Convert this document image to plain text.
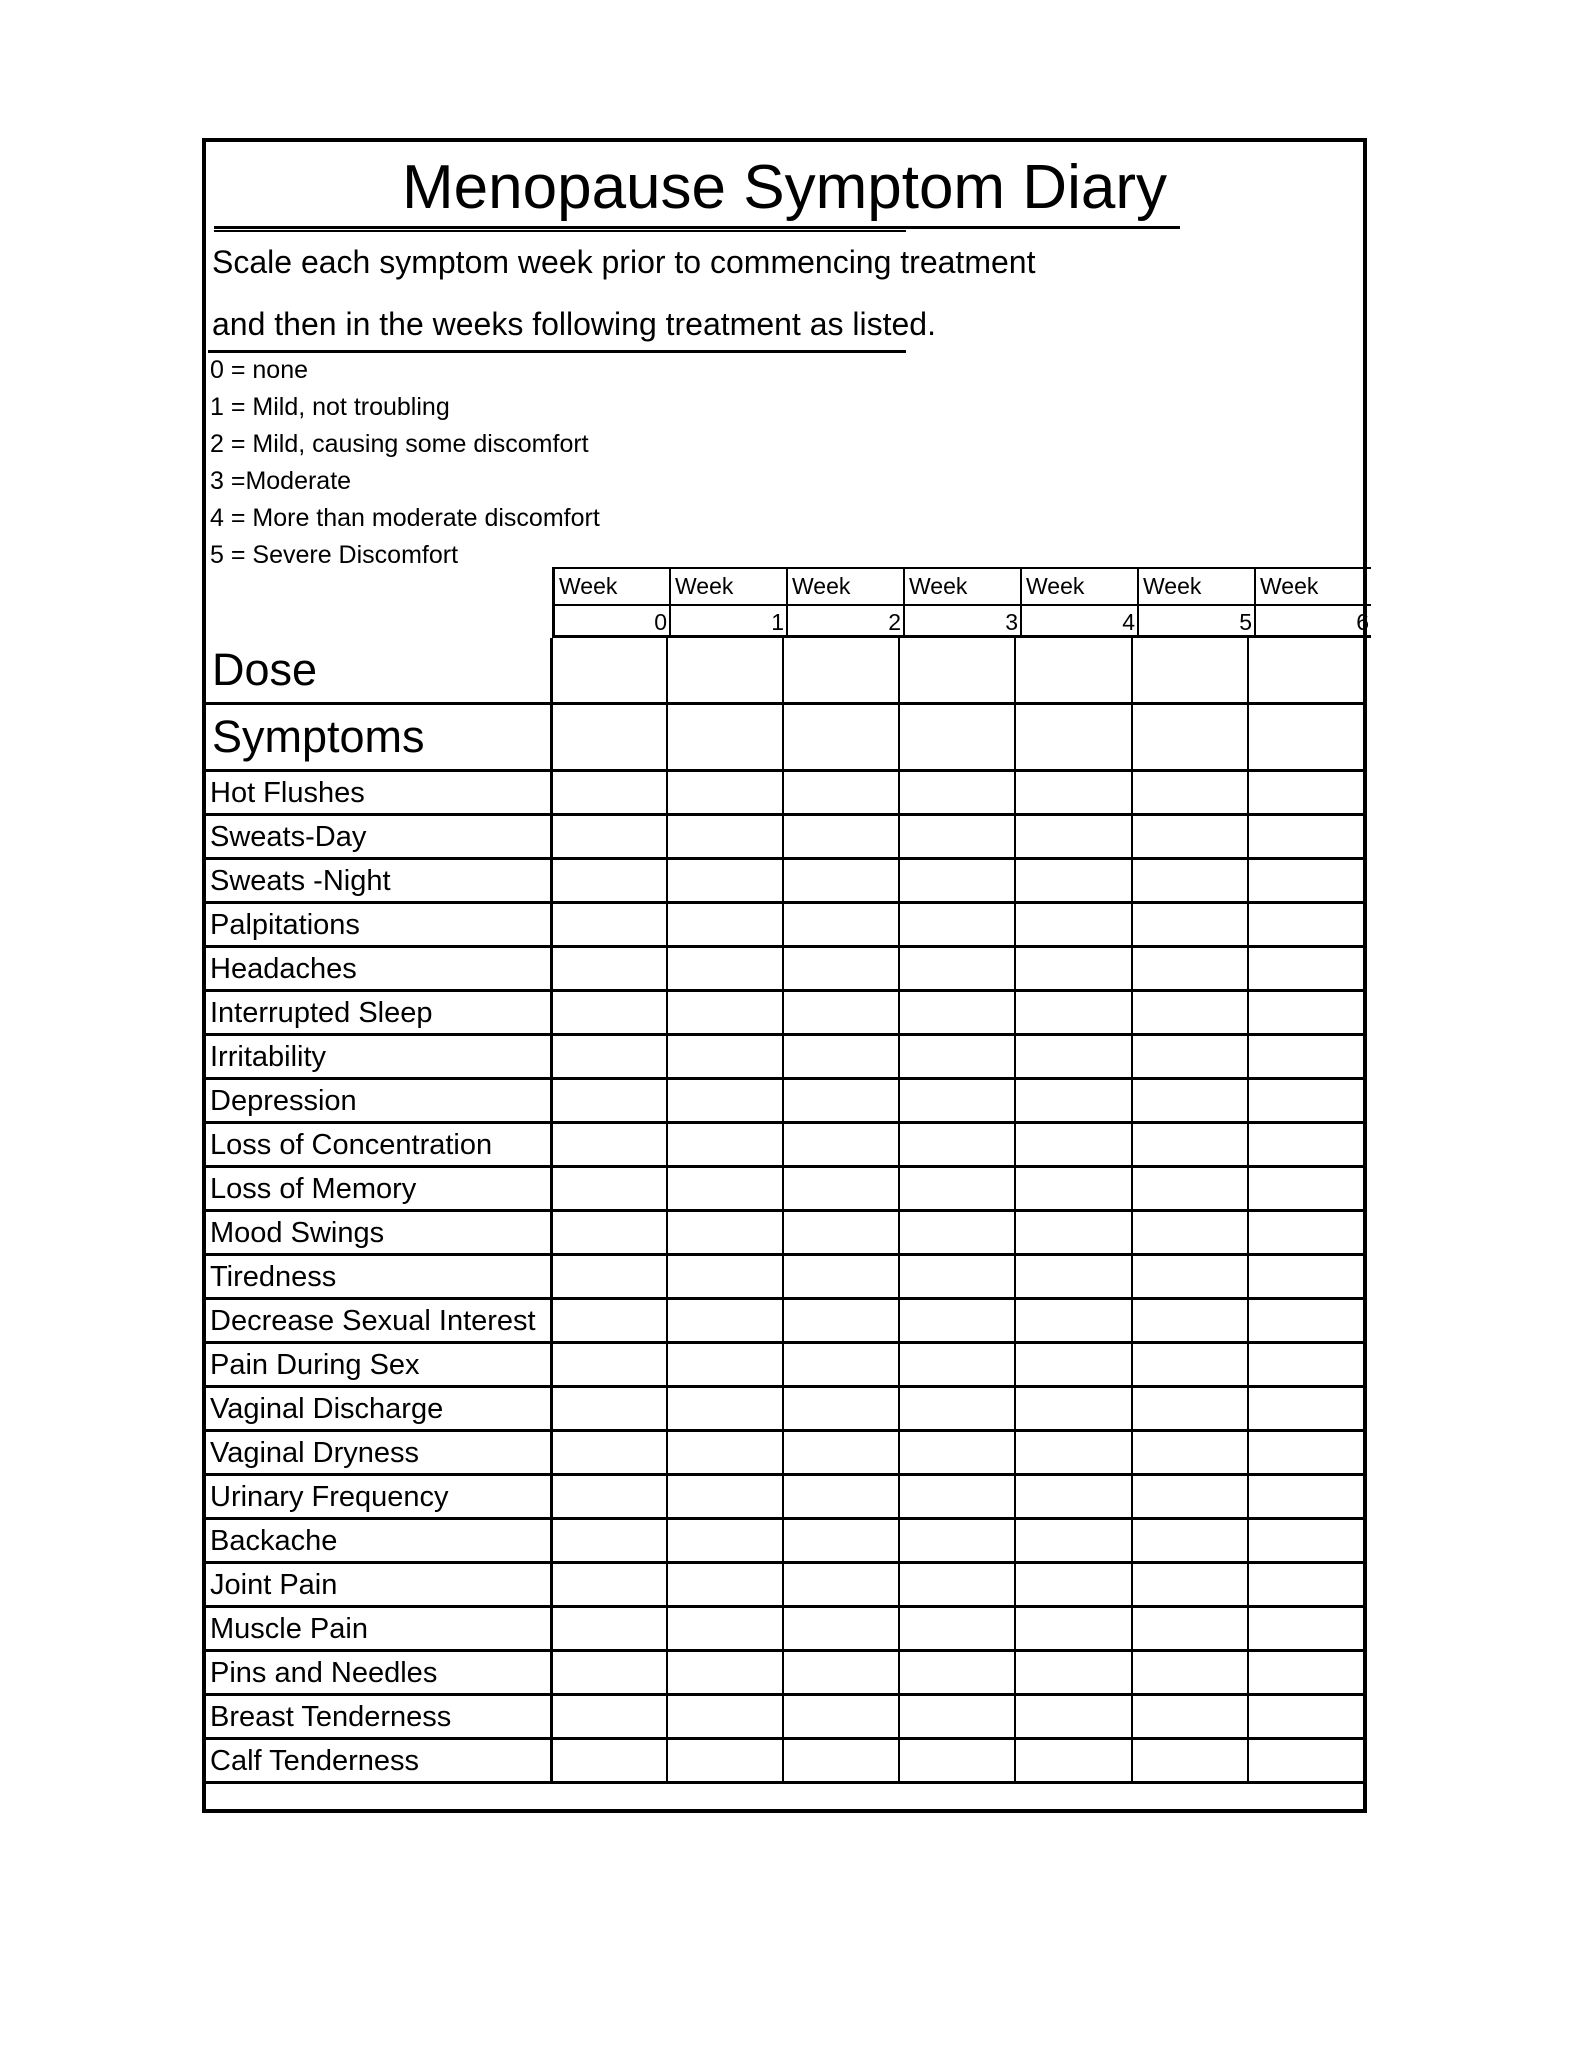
Menopause Symptom Diary
Scale each symptom week prior to commencing treatment
and then in the weeks following treatment as listed.
0 = none
1 = Mild, not troubling
2 = Mild, causing some discomfort
3 =Moderate
4 = More than moderate discomfort
5 = Severe Discomfort
Week
0
Week
1
Week
2
Week
3
Week
4
Week
5
Week
6
Dose
Symptoms
Hot Flushes
Sweats-Day
Sweats -Night
Palpitations
Headaches
Interrupted Sleep
Irritability
Depression
Loss of Concentration
Loss of Memory
Mood Swings
Tiredness
Decrease Sexual Interest
Pain During Sex
Vaginal Discharge
Vaginal Dryness
Urinary Frequency
Backache
Joint Pain
Muscle Pain
Pins and Needles
Breast Tenderness
Calf Tenderness
